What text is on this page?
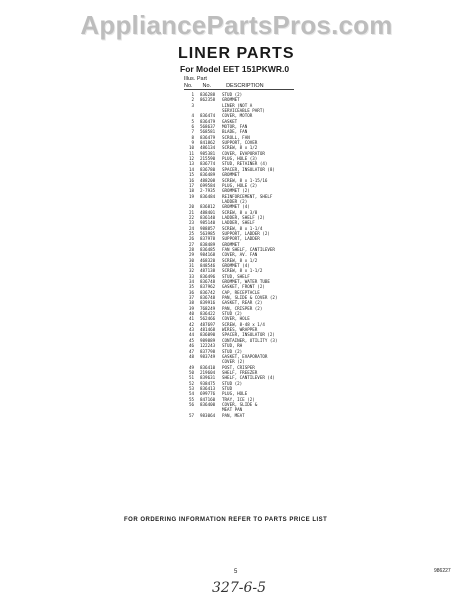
AppliancePartsPros.com
LINER PARTS
For Model EET 151PKWR.0
Illus. Part
No. No.	DESCRIPTION
1 836288	STUD (2)
2 862358	GROMMET
3	LINER (NOT A
SERVICEABLE PART)
4 836474	COVER, MOTOR
5 836479	GASKET
6 568637	MOTOR, FAN
7 568581	BLADE, FAN
8 836479	SCROLL, FAN
9 841862	SUPPORT, COVER
10 486134	SCREW, 8 x 1/2
11 985381	COVER, EVAPORATOR
12 215590	PLUG, HOLE (3)
13 836774	STUD, RETAINER (4)
14 836780	SPACER, INSULATOR (8)
15 836489	GROMMET
16 488208	SCREW, 8 x 1-15/16
17 699584	PLUG, HOLE (2)
18 2-7935	GROMMET (2)
19 836484	REINFORCEMENT, SHELF
LADDER (2)
20 836812	GROMMET (4)
21 488401	SCREW, 8 x 3/8
22 836140	LADDER, SHELF (2)
23 985140	LADDER, SHELF
24 988857	SCREW, 8 x 1-1/4
25 563985	SUPPORT, LADDER (2)
26 837978	SUPPORT, LADDER
27 838489	GROMMET
28 836485	FAN SHELF, CANTILEVER
29 984168	COVER, AV. FAN
30 468320	SCREW, 8 x 1/2
31 848546	GROMMET (4)
32 487138	SCREW, 8 x 1-1/2
33 836496	STUD, SHELF
34 836748	GROMMET, WATER TUBE
35 837962	GASKET, FRONT (2)
36 836742	CAP, RECEPTACLE
37 836748	PAN, SLIDE & COVER (2)
38 839916	GASKET, REAR (2)
39 768249	PAN, CRISPER (2)
40 836422	STUD (2)
41 562466	COVER, HOLE
42 487697	SCREW, 8-48 x 1/4
43 481468	WIRES, WRAPPER
44 836090	SPACER, INSULATOR (2)
45 989889	CONTAINER, UTILITY (3)
46 122243	STUD, RH
47 837798	STUD (2)
48 983749	GASKET, EVAPORATOR
COVER (2)
49 836410	POST, CRISPER
50 219604	SHELF, FREEZER
51 839631	SHELF, CANTILEVER (4)
52 938475	STUD (2)
53 836413	STUD
54 699776	PLUG, HOLE
55 847160	TRAY, ICE (2)
56 836400	COVER, SLIDE &
MEAT PAN
57 983064	PAN, MEAT
FOR ORDERING INFORMATION REFER TO PARTS PRICE LIST
5	986227
327-6-5
